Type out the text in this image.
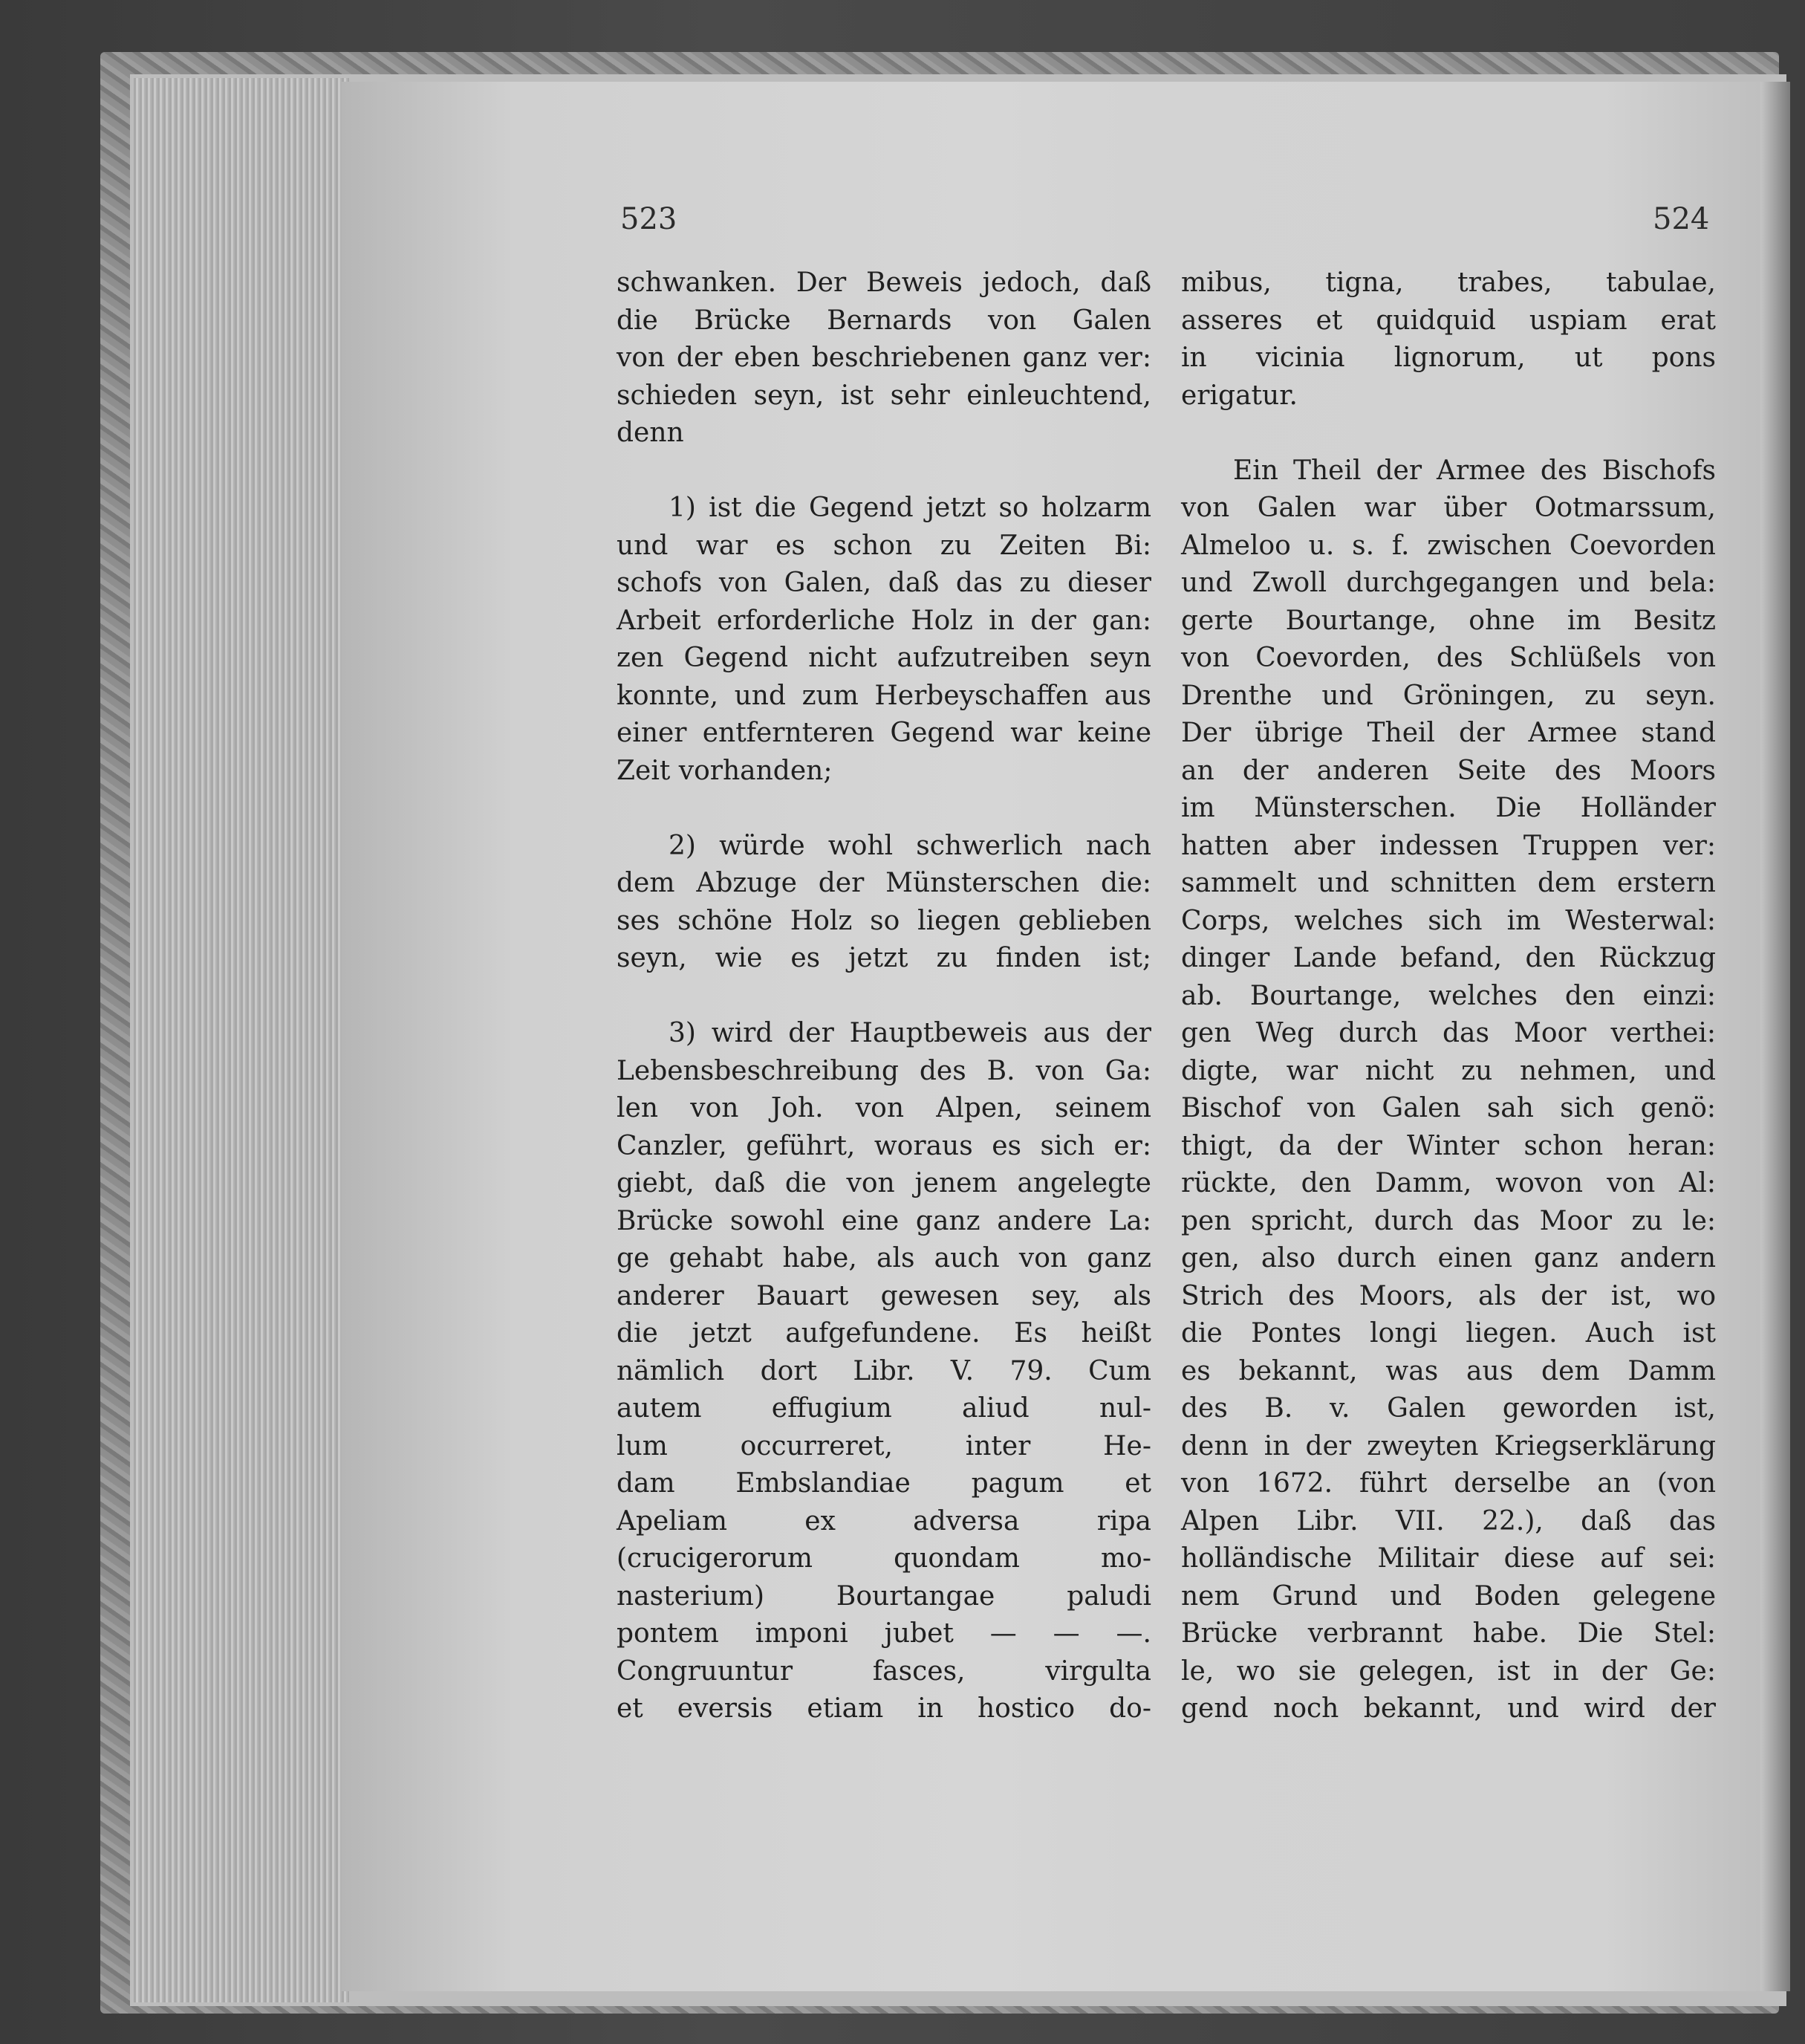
523	524
schwanken. Der Beweis jedoch, daß
die Brücke Bernards von Galen
von der eben beschriebenen ganz ver:
schieden seyn, ist sehr einleuchtend,
denn
1) ist die Gegend jetzt so holzarm
und war es schon zu Zeiten Bi:
schofs von Galen, daß das zu dieser
Arbeit erforderliche Holz in der gan:
zen Gegend nicht aufzutreiben seyn
konnte, und zum Herbeyschaffen aus
einer entfernteren Gegend war keine
Zeit vorhanden;
2) würde wohl schwerlich nach
dem Abzuge der Münsterschen die:
ses schöne Holz so liegen geblieben
seyn, wie es jetzt zu finden ist;
3) wird der Hauptbeweis aus der
Lebensbeschreibung des B. von Ga:
len von Joh. von Alpen, seinem
Canzler, geführt, woraus es sich er:
giebt, daß die von jenem angelegte
Brücke sowohl eine ganz andere La:
ge gehabt habe, als auch von ganz
anderer Bauart gewesen sey, als
die jetzt aufgefundene. Es heißt
nämlich dort Libr. V. 79. Cum
autem effugium aliud nul-
lum occurreret, inter He-
dam Embslandiae pagum et
Apeliam ex adversa ripa
(crucigerorum quondam mo-
nasterium) Bourtangae paludi
pontem imponi jubet — — —.
Congruuntur fasces, virgulta
et eversis etiam in hostico do-
mibus, tigna, trabes, tabulae,
asseres et quidquid uspiam erat
in vicinia lignorum, ut pons
erigatur.
Ein Theil der Armee des Bischofs
von Galen war über Ootmarssum,
Almeloo u. s. f. zwischen Coevorden
und Zwoll durchgegangen und bela:
gerte Bourtange, ohne im Besitz
von Coevorden, des Schlüßels von
Drenthe und Gröningen, zu seyn.
Der übrige Theil der Armee stand
an der anderen Seite des Moors
im Münsterschen. Die Holländer
hatten aber indessen Truppen ver:
sammelt und schnitten dem erstern
Corps, welches sich im Westerwal:
dinger Lande befand, den Rückzug
ab. Bourtange, welches den einzi:
gen Weg durch das Moor verthei:
digte, war nicht zu nehmen, und
Bischof von Galen sah sich genö:
thigt, da der Winter schon heran:
rückte, den Damm, wovon von Al:
pen spricht, durch das Moor zu le:
gen, also durch einen ganz andern
Strich des Moors, als der ist, wo
die Pontes longi liegen. Auch ist
es bekannt, was aus dem Damm
des B. v. Galen geworden ist,
denn in der zweyten Kriegserklärung
von 1672. führt derselbe an (von
Alpen Libr. VII. 22.), daß das
holländische Militair diese auf sei:
nem Grund und Boden gelegene
Brücke verbrannt habe. Die Stel:
le, wo sie gelegen, ist in der Ge:
gend noch bekannt, und wird der
